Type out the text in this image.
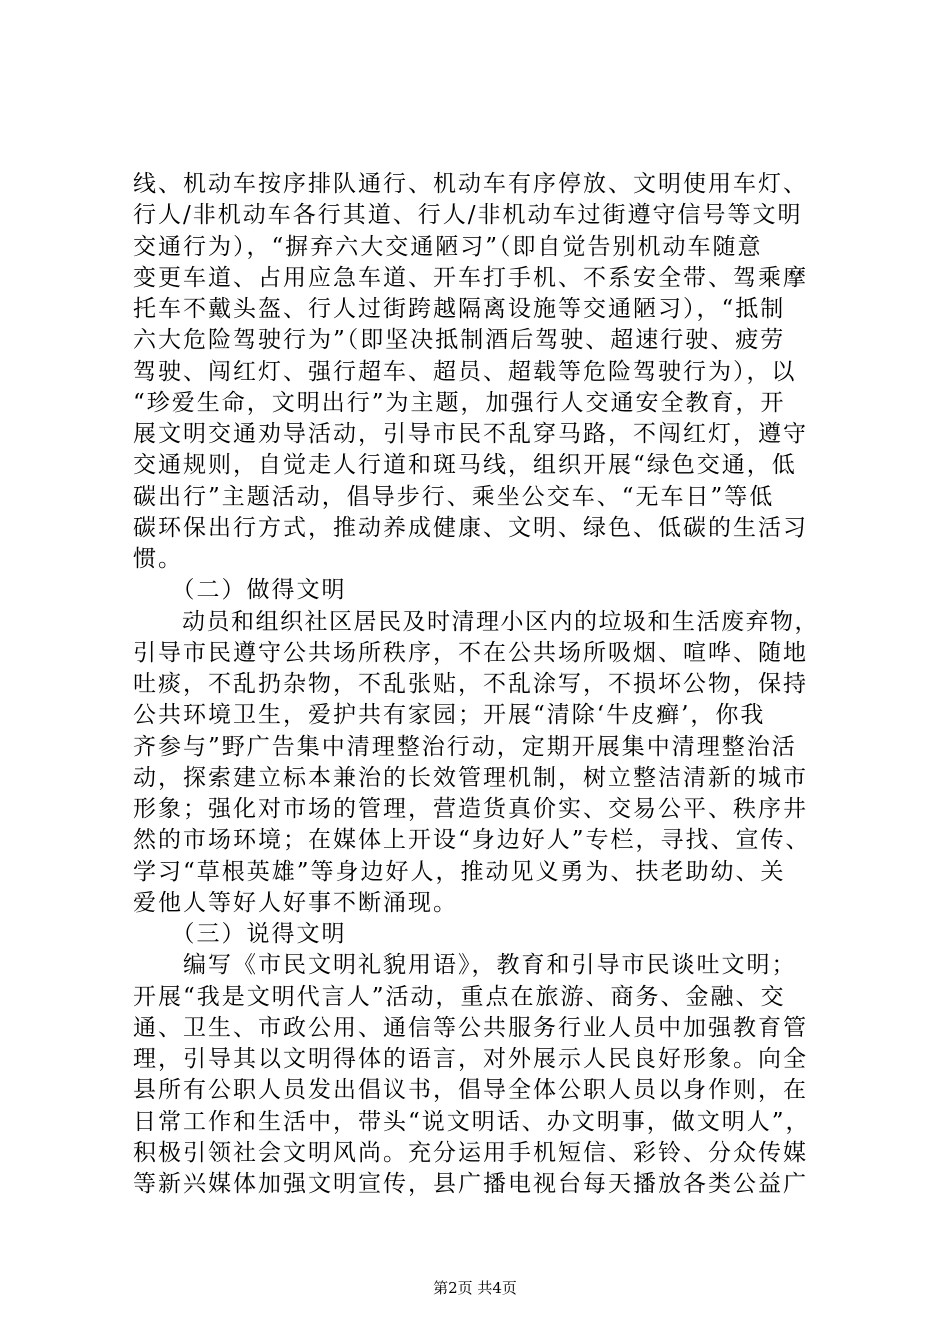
线、机动车按序排队通行、机动车有序停放、文明使用车灯、
行人/非机动车各行其道、行人/非机动车过街遵守信号等文明
交通行为），“摒弃六大交通陋习”（即自觉告别机动车随意
变更车道、占用应急车道、开车打手机、不系安全带、驾乘摩
托车不戴头盔、行人过街跨越隔离设施等交通陋习），“抵制
六大危险驾驶行为”（即坚决抵制酒后驾驶、超速行驶、疲劳
驾驶、闯红灯、强行超车、超员、超载等危险驾驶行为），以
“珍爱生命，文明出行”为主题，加强行人交通安全教育，开
展文明交通劝导活动，引导市民不乱穿马路，不闯红灯，遵守
交通规则，自觉走人行道和斑马线，组织开展“绿色交通，低
碳出行”主题活动，倡导步行、乘坐公交车、“无车日”等低
碳环保出行方式，推动养成健康、文明、绿色、低碳的生活习
惯。
　　（二）做得文明
　　动员和组织社区居民及时清理小区内的垃圾和生活废弃物，
引导市民遵守公共场所秩序，不在公共场所吸烟、喧哗、随地
吐痰，不乱扔杂物，不乱张贴，不乱涂写，不损坏公物，保持
公共环境卫生，爱护共有家园；开展“清除‘牛皮癣’，你我
齐参与”野广告集中清理整治行动，定期开展集中清理整治活
动，探索建立标本兼治的长效管理机制，树立整洁清新的城市
形象；强化对市场的管理，营造货真价实、交易公平、秩序井
然的市场环境；在媒体上开设“身边好人”专栏，寻找、宣传、
学习“草根英雄”等身边好人，推动见义勇为、扶老助幼、关
爱他人等好人好事不断涌现。
　　（三）说得文明
　　编写《市民文明礼貌用语》，教育和引导市民谈吐文明；
开展“我是文明代言人”活动，重点在旅游、商务、金融、交
通、卫生、市政公用、通信等公共服务行业人员中加强教育管
理，引导其以文明得体的语言，对外展示人民良好形象。向全
县所有公职人员发出倡议书，倡导全体公职人员以身作则，在
日常工作和生活中，带头“说文明话、办文明事，做文明人”，
积极引领社会文明风尚。充分运用手机短信、彩铃、分众传媒
等新兴媒体加强文明宣传，县广播电视台每天播放各类公益广
第2页 共4页
